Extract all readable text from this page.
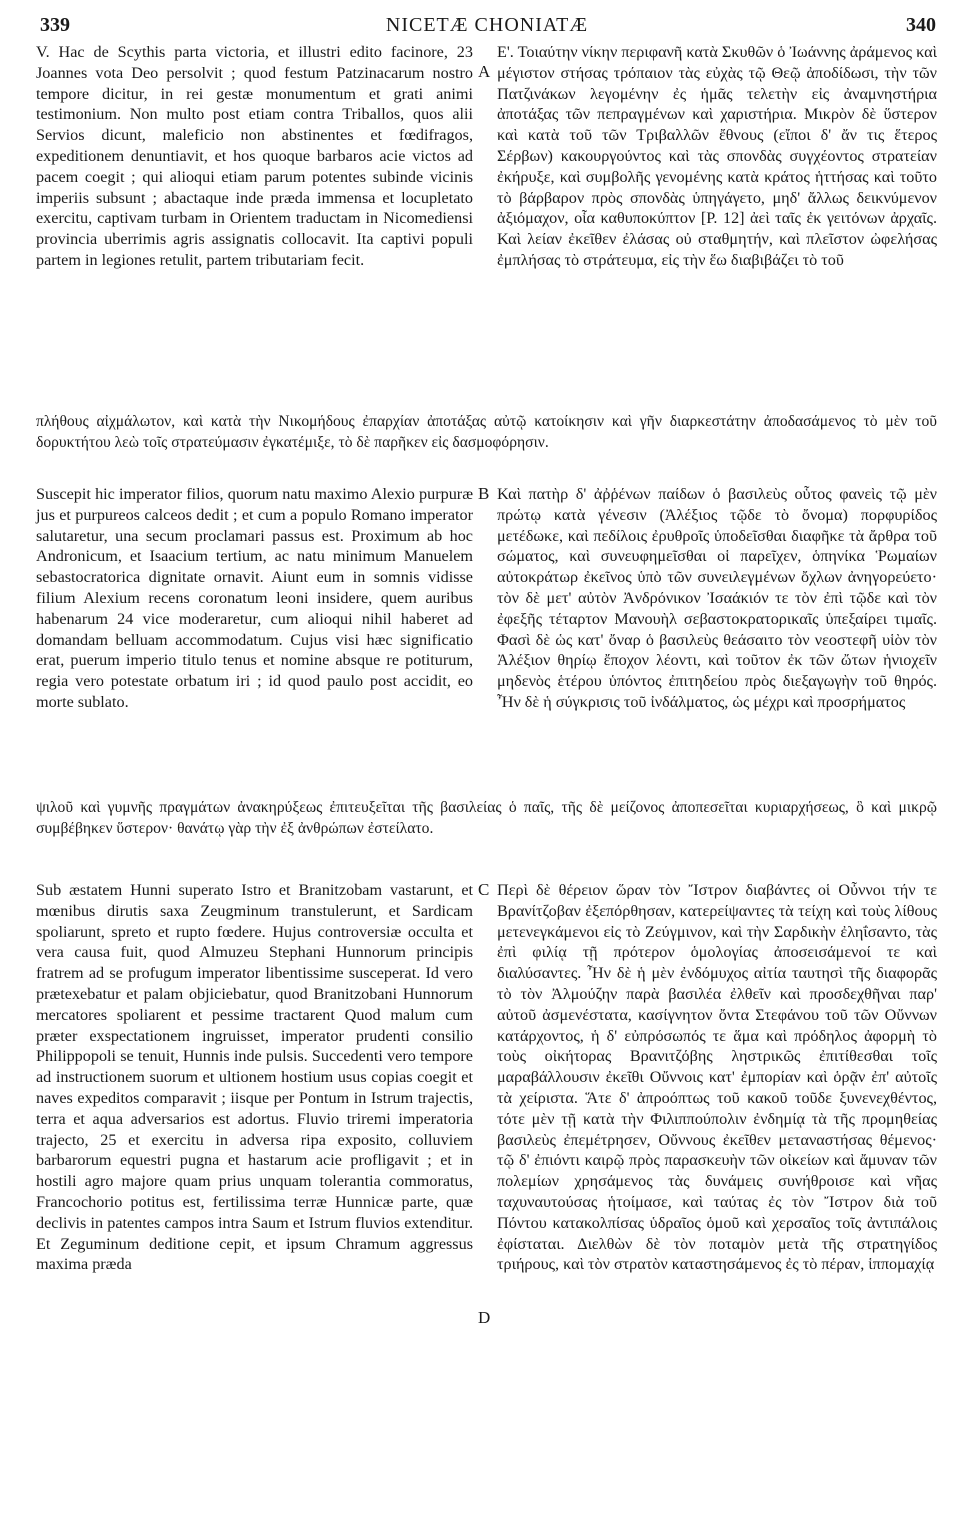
339	NICETÆ CHONIATÆ	340
V. Hac de Scythis parta victoria, et illustri edito facinore, 23 Joannes vota Deo persolvit ; quod festum Patzinacarum nostro tempore dicitur, in rei gestæ monumentum et grati animi testimonium. Non multo post etiam contra Triballos, quos alii Servios dicunt, maleficio non abstinentes et fœdifragos, expeditionem denuntiavit, et hos quoque barbaros acie victos ad pacem coegit ; qui alioqui etiam parum potentes subinde vicinis imperiis subsunt ; abactaque inde præda immensa et locupletato exercitu, captivam turbam in Orientem traductam in Nicomediensi provincia uberrimis agris assignatis collocavit. Ita captivi populi partem in legiones retulit, partem tributariam fecit.
A
Ε'. Τοιαύτην νίκην περιφανῆ κατὰ Σκυθῶν ὁ Ἰωάννης ἀράμενος καὶ μέγιστον στήσας τρόπαιον τὰς εὐχὰς τῷ Θεῷ ἀποδίδωσι, τὴν τῶν Πατζινάκων λεγομένην ἐς ἡμᾶς τελετὴν εἰς ἀναμνηστήρια ἀποτάξας τῶν πεπραγμένων καὶ χαριστήρια. Μικρὸν δὲ ὕστερον καὶ κατὰ τοῦ τῶν Τριβαλλῶν ἔθνους (εἴποι δ' ἄν τις ἕτερος Σέρβων) κακουργούντος καὶ τὰς σπονδὰς συγχέοντος στρατείαν ἐκήρυξε, καὶ συμβολῆς γενομένης κατὰ κράτος ἡττήσας καὶ τοῦτο τὸ βάρβαρον πρὸς σπονδὰς ὑπηγάγετο, μηδ' ἄλλως δεικνύμενον ἀξιόμαχον, οἷα καθυποκύπτον [P. 12] ἀεὶ ταῖς ἐκ γειτόνων ἀρχαῖς. Καὶ λείαν ἐκεῖθεν ἐλάσας οὐ σταθμητήν, καὶ πλεῖστον ὠφελήσας ἐμπλήσας τὸ στράτευμα, εἰς τὴν ἕω διαβιβάζει τὸ τοῦ
πλήθους αἰχμάλωτον, καὶ κατὰ τὴν Νικομήδους ἐπαρχίαν ἀποτάξας αὐτῷ κατοίκησιν καὶ γῆν διαρκεστάτην ἀποδασάμενος τὸ μὲν τοῦ δορυκτήτου λεὼ τοῖς στρατεύμασιν ἐγκατέμιξε, τὸ δὲ παρῆκεν εἰς δασμοφόρησιν.
Suscepit hic imperator filios, quorum natu maximo Alexio purpuræ jus et purpureos calceos dedit ; et cum a populo Romano imperator salutaretur, una secum proclamari passus est. Proximum ab hoc Andronicum, et Isaacium tertium, ac natu minimum Manuelem sebastocratorica dignitate ornavit. Aiunt eum in somnis vidisse filium Alexium recens coronatum leoni insidere, quem auribus habenarum 24 vice moderaretur, cum alioqui nihil haberet ad domandam belluam accommodatum. Cujus visi hæc significatio erat, puerum imperio titulo tenus et nomine absque re potiturum, regia vero potestate orbatum iri ; id quod paulo post accidit, eo morte sublato.
B Καὶ πατὴρ δ' ἀῤῥένων παίδων ὁ βασιλεὺς οὗτος φανεὶς τῷ μὲν πρώτῳ κατὰ γένεσιν (Ἀλέξιος τῷδε τὸ ὄνομα) πορφυρίδος μετέδωκε, καὶ πεδίλοις ἐρυθροῖς ὑποδεῖσθαι διαφῆκε τὰ ἄρθρα τοῦ σώματος, καὶ συνευφημεῖσθαι οἱ παρεῖχεν, ὁπηνίκα Ῥωμαίων αὐτοκράτωρ ἐκεῖνος ὑπὸ τῶν συνειλεγμένων ὄχλων ἀνηγορεύετο· τὸν δὲ μετ' αὐτὸν Ἀνδρόνικον Ἰσαάκιόν τε τὸν ἐπὶ τῷδε καὶ τὸν ἐφεξῆς τέταρτον Μανουὴλ σεβαστοκρατορικαῖς ὑπεξαίρει τιμαῖς. Φασὶ δὲ ὡς κατ' ὄναρ ὁ βασιλεὺς θεάσαιτο τὸν νεοστεφῆ υἱὸν τὸν Ἀλέξιον θηρίῳ ἔποχον λέοντι, καὶ τοῦτον ἐκ τῶν ὤτων ἡνιοχεῖν μηδενὸς ἑτέρου ὑπόντος ἐπιτηδείου πρὸς διεξαγωγὴν τοῦ θηρός. Ἦν δὲ ἡ σύγκρισις τοῦ ἰνδάλματος, ὡς μέχρι καὶ προσρήματος
ψιλοῦ καὶ γυμνῆς πραγμάτων ἀνακηρύξεως ἐπιτευξεῖται τῆς βασιλείας ὁ παῖς, τῆς δὲ μείζονος ἀποπεσεῖται κυριαρχήσεως, ὃ καὶ μικρῷ συμβέβηκεν ὕστερον· θανάτῳ γὰρ τὴν ἐξ ἀνθρώπων ἐστείλατο.
Sub æstatem Hunni superato Istro et Branitzobam vastarunt, et mœnibus dirutis saxa Zeugminum transtulerunt, et Sardicam spoliarunt, spreto et rupto fœdere. Hujus controversiæ occulta et vera causa fuit, quod Almuzeu Stephani Hunnorum principis fratrem ad se profugum imperator libentissime susceperat. Id vero prætexebatur et palam objiciebatur, quod Branitzobani Hunnorum mercatores spoliarent et pessime tractarent Quod malum cum præter exspectationem ingruisset, imperator prudenti consilio Philippopoli se tenuit, Hunnis inde pulsis. Succedenti vero tempore ad instructionem suorum et ultionem hostium usus copias coegit et naves expeditos comparavit ; iisque per Pontum in Istrum trajectis, terra et aqua adversarios est adortus. Fluvio triremi imperatoria trajecto, 25 et exercitu in adversa ripa exposito, colluviem barbarorum equestri pugna et hastarum acie profligavit ; et in hostili agro majore quam prius unquam tolerantia commoratus, Francochorio potitus est, fertilissima terræ Hunnicæ parte, quæ declivis in patentes campos intra Saum et Istrum fluvios extenditur. Et Zeguminum deditione cepit, et ipsum Chramum aggressus maxima præda
C
D
Περὶ δὲ θέρειον ὥραν τὸν Ἴστρον διαβάντες οἱ Οὖννοι τήν τε Βρανίτζοβαν ἐξεπόρθησαν, κατερείψαντες τὰ τείχη καὶ τοὺς λίθους μετενεγκάμενοι εἰς τὸ Ζεύγμινον, καὶ τὴν Σαρδικὴν ἐληΐσαντο, τὰς ἐπὶ φιλίᾳ τῇ πρότερον ὁμολογίας ἀποσεισάμενοί τε καὶ διαλύσαντες. Ἦν δὲ ἡ μὲν ἐνδόμυχος αἰτία ταυτησὶ τῆς διαφορᾶς τὸ τὸν Ἀλμούζην παρὰ βασιλέα ἐλθεῖν καὶ προσδεχθῆναι παρ' αὐτοῦ ἀσμενέστατα, κασίγνητον ὄντα Στεφάνου τοῦ τῶν Οὔννων κατάρχοντος, ἡ δ' εὐπρόσωπός τε ἅμα καὶ πρόδηλος ἀφορμὴ τὸ τοὺς οἰκήτορας Βρανιτζόβης ληστρικῶς ἐπιτίθεσθαι τοῖς μαραβάλλουσιν ἐκεῖθι Οὔννοις κατ' ἐμπορίαν καὶ ὁρᾷν ἐπ' αὐτοῖς τὰ χείριστα. Ἅτε δ' ἀπροόπτως τοῦ κακοῦ τοῦδε ξυνενεχθέντος, τότε μὲν τῇ κατὰ τὴν Φιλιππούπολιν ἐνδημίᾳ τὰ τῆς προμηθείας βασιλεὺς ἐπεμέτρησεν, Οὔννους ἐκεῖθεν μεταναστήσας θέμενος· τῷ δ' ἐπιόντι καιρῷ πρὸς παρασκευὴν τῶν οἰκείων καὶ ἄμυναν τῶν πολεμίων χρησάμενος τὰς δυνάμεις συνήθροισε καὶ νῆας ταχυναυτούσας ἡτοίμασε, καὶ ταύτας ἐς τὸν Ἴστρον διὰ τοῦ Πόντου κατακολπίσας ὑδραῖος ὁμοῦ καὶ χερσαῖος τοῖς ἀντιπάλοις ἐφίσταται. Διελθὼν δὲ τὸν ποταμὸν μετὰ τῆς στρατηγίδος τριήρους, καὶ τὸν στρατὸν καταστησάμενος ἐς τὸ πέραν, ἱππομαχίᾳ
